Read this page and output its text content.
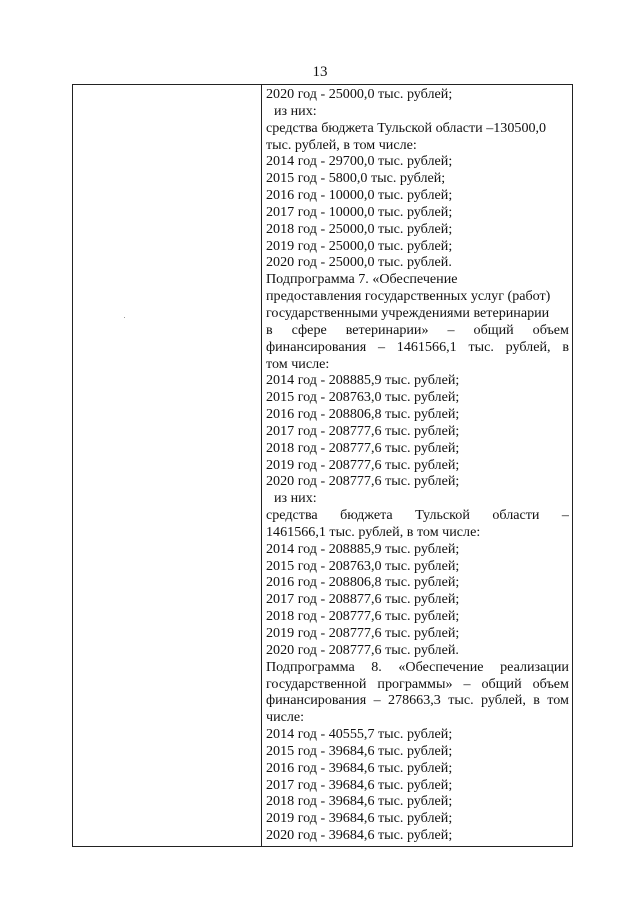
13
2020 год - 25000,0 тыс. рублей;
из них:
средства бюджета Тульской области –130500,0
тыс. рублей, в том числе:
2014 год - 29700,0 тыс. рублей;
2015 год - 5800,0 тыс. рублей;
2016 год - 10000,0 тыс. рублей;
2017 год - 10000,0 тыс. рублей;
2018 год - 25000,0 тыс. рублей;
2019 год - 25000,0 тыс. рублей;
2020 год - 25000,0 тыс. рублей.
Подпрограмма 7. «Обеспечение
предоставления государственных услуг (работ)
государственными учреждениями ветеринарии
в сфере ветеринарии» – общий объем
финансирования – 1461566,1 тыс. рублей, в
том числе:
2014 год - 208885,9 тыс. рублей;
2015 год - 208763,0 тыс. рублей;
2016 год - 208806,8 тыс. рублей;
2017 год - 208777,6 тыс. рублей;
2018 год - 208777,6 тыс. рублей;
2019 год - 208777,6 тыс. рублей;
2020 год - 208777,6 тыс. рублей;
из них:
средства бюджета Тульской области –
1461566,1 тыс. рублей, в том числе:
2014 год - 208885,9 тыс. рублей;
2015 год - 208763,0 тыс. рублей;
2016 год - 208806,8 тыс. рублей;
2017 год - 208877,6 тыс. рублей;
2018 год - 208777,6 тыс. рублей;
2019 год - 208777,6 тыс. рублей;
2020 год - 208777,6 тыс. рублей.
Подпрограмма 8. «Обеспечение реализации
государственной программы» – общий объем
финансирования – 278663,3 тыс. рублей, в том
числе:
2014 год - 40555,7 тыс. рублей;
2015 год - 39684,6 тыс. рублей;
2016 год - 39684,6 тыс. рублей;
2017 год - 39684,6 тыс. рублей;
2018 год - 39684,6 тыс. рублей;
2019 год - 39684,6 тыс. рублей;
2020 год - 39684,6 тыс. рублей;
